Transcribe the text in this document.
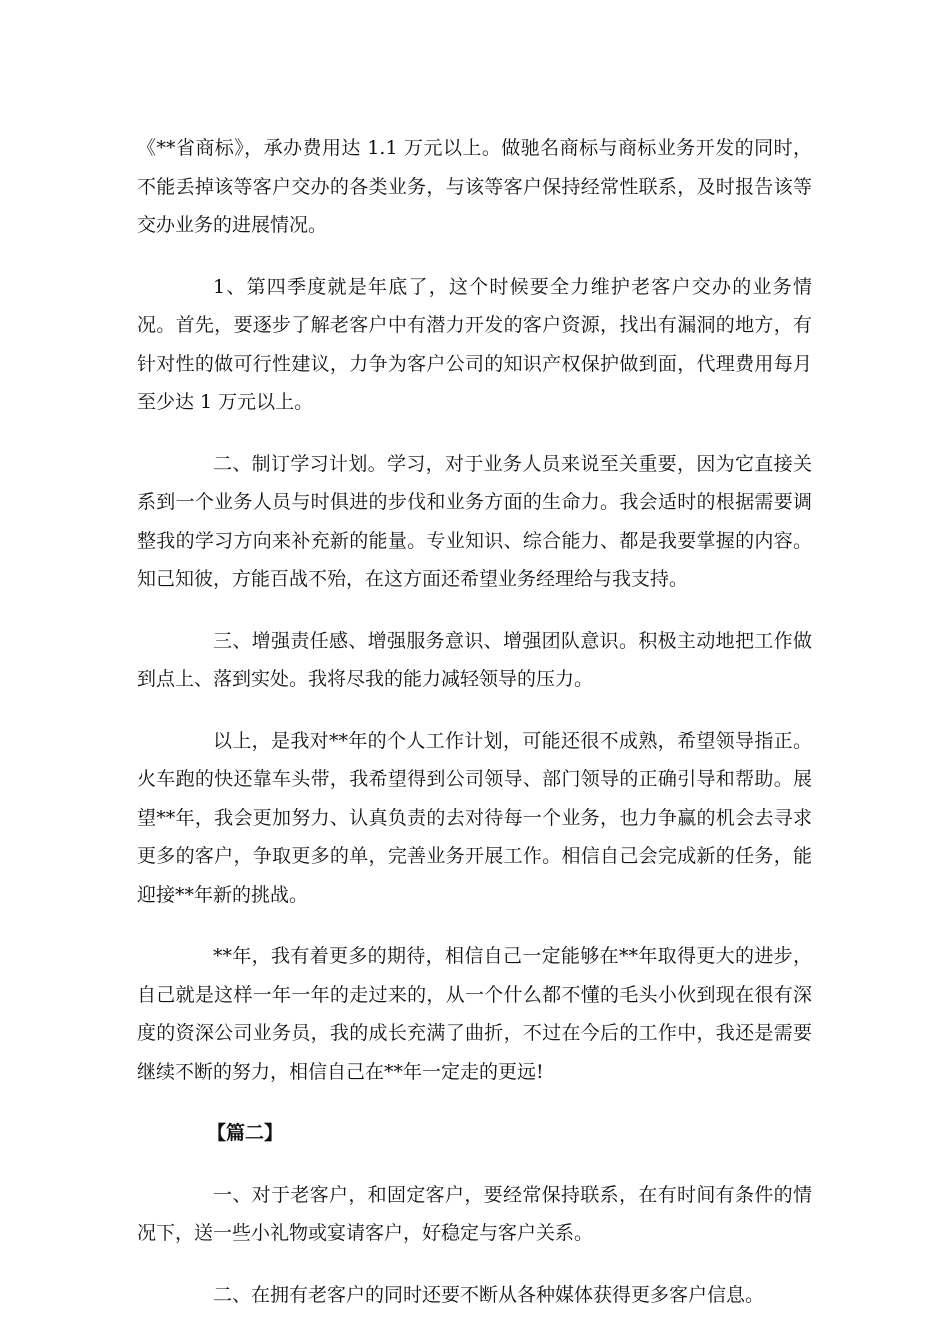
《**省商标》，承办费用达 1.1 万元以上。做驰名商标与商标业务开发的同时，不能丢掉该等客户交办的各类业务，与该等客户保持经常性联系，及时报告该等交办业务的进展情况。

1、第四季度就是年底了，这个时候要全力维护老客户交办的业务情况。首先，要逐步了解老客户中有潜力开发的客户资源，找出有漏洞的地方，有针对性的做可行性建议，力争为客户公司的知识产权保护做到面，代理费用每月至少达 1 万元以上。

二、制订学习计划。学习，对于业务人员来说至关重要，因为它直接关系到一个业务人员与时俱进的步伐和业务方面的生命力。我会适时的根据需要调整我的学习方向来补充新的能量。专业知识、综合能力、都是我要掌握的内容。知己知彼，方能百战不殆，在这方面还希望业务经理给与我支持。

三、增强责任感、增强服务意识、增强团队意识。积极主动地把工作做到点上、落到实处。我将尽我的能力减轻领导的压力。

以上，是我对**年的个人工作计划，可能还很不成熟，希望领导指正。火车跑的快还靠车头带，我希望得到公司领导、部门领导的正确引导和帮助。展望**年，我会更加努力、认真负责的去对待每一个业务，也力争赢的机会去寻求更多的客户，争取更多的单，完善业务开展工作。相信自己会完成新的任务，能迎接**年新的挑战。

**年，我有着更多的期待，相信自己一定能够在**年取得更大的进步，自己就是这样一年一年的走过来的，从一个什么都不懂的毛头小伙到现在很有深度的资深公司业务员，我的成长充满了曲折，不过在今后的工作中，我还是需要继续不断的努力，相信自己在**年一定走的更远!

【篇二】

一、对于老客户，和固定客户，要经常保持联系，在有时间有条件的情况下，送一些小礼物或宴请客户，好稳定与客户关系。

二、在拥有老客户的同时还要不断从各种媒体获得更多客户信息。
